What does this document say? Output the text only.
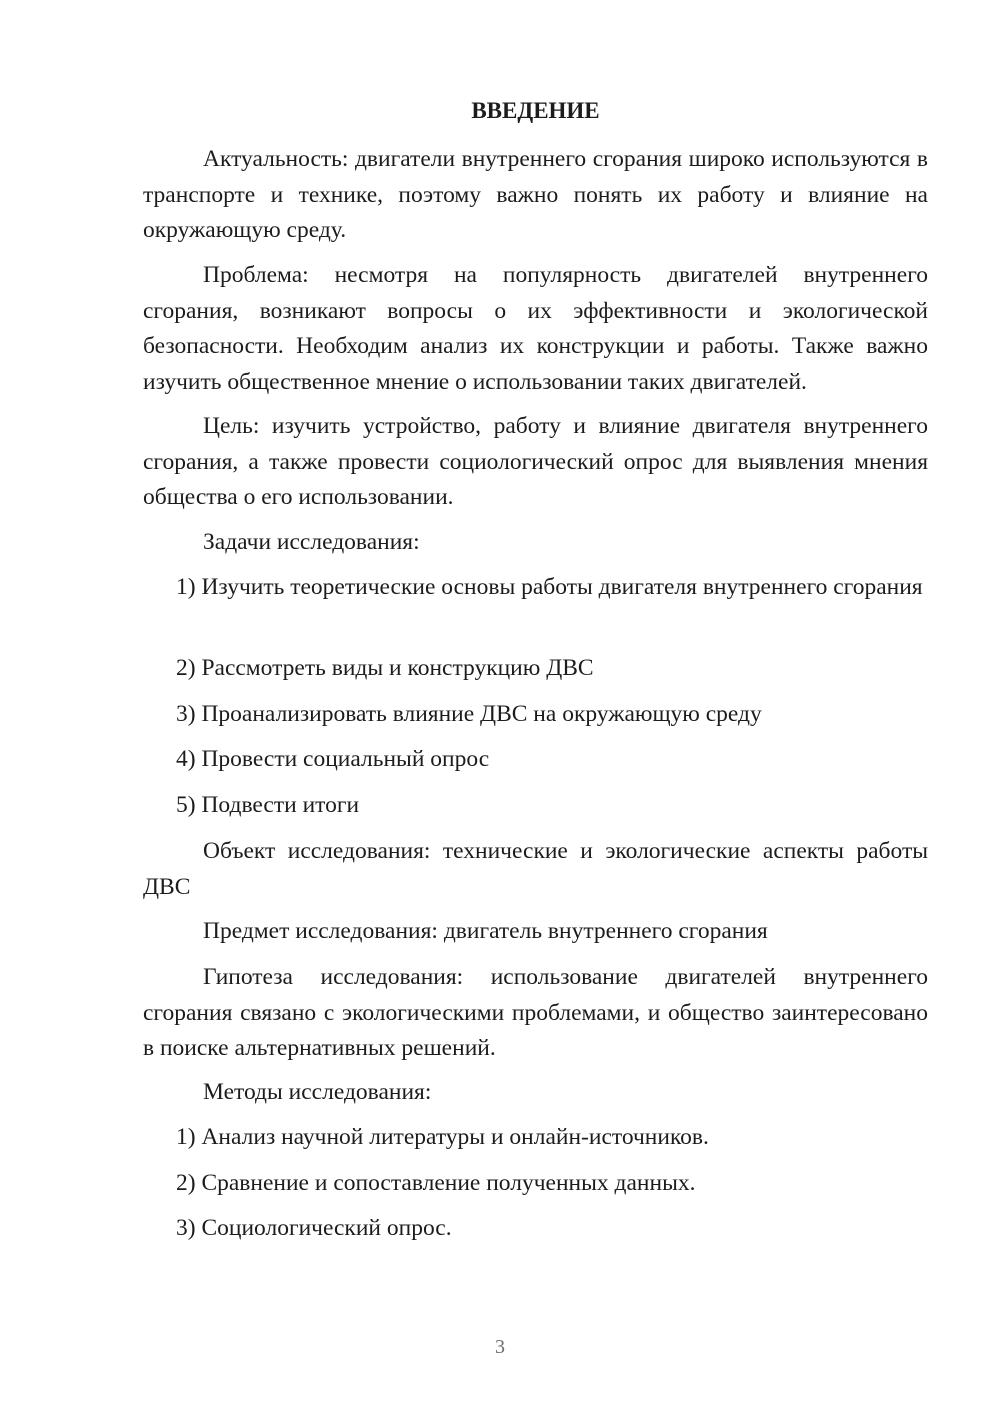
ВВЕДЕНИЕ
Актуальность: двигатели внутреннего сгорания широко используются в транспорте и технике, поэтому важно понять их работу и влияние на окружающую среду.
Проблема: несмотря на популярность двигателей внутреннего сгорания, возникают вопросы о их эффективности и экологической безопасности. Необходим анализ их конструкции и работы. Также важно изучить общественное мнение о использовании таких двигателей.
Цель: изучить устройство, работу и влияние двигателя внутреннего сгорания, а также провести социологический опрос для выявления мнения общества о его использовании.
Задачи исследования:
1) Изучить теоретические основы работы двигателя внутреннего сгорания
2) Рассмотреть виды и конструкцию ДВС
3) Проанализировать влияние ДВС на окружающую среду
4) Провести социальный опрос
5) Подвести итоги
Объект исследования: технические и экологические аспекты работы ДВС
Предмет исследования: двигатель внутреннего сгорания
Гипотеза исследования: использование двигателей внутреннего сгорания связано с экологическими проблемами, и общество заинтересовано в поиске альтернативных решений.
Методы исследования:
1) Анализ научной литературы и онлайн-источников.
2) Сравнение и сопоставление полученных данных.
3) Социологический опрос.
3
